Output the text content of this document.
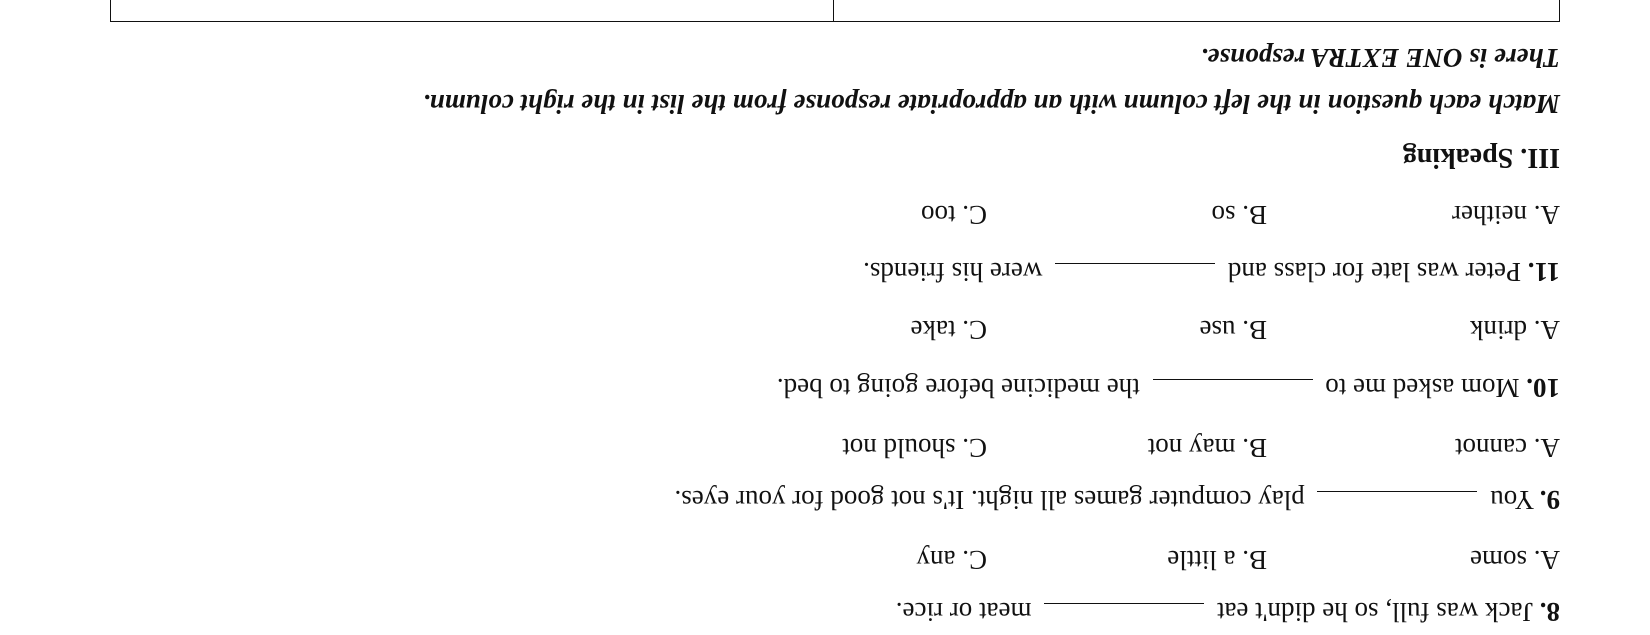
8. Jack was full, so he didn't eat  meat or rice.
A. some
B. a little
C. any
9. You  play computer games all night. It's not good for your eyes.
A. cannot
B. may not
C. should not
10. Mom asked me to  the medicine before going to bed.
A. drink
B. use
C. take
11. Peter was late for class and  were his friends.
A. neither
B. so
C. too
III. Speaking
Match each question in the left column with an appropriate response from the list in the right column.
There is ONE EXTRA response.
